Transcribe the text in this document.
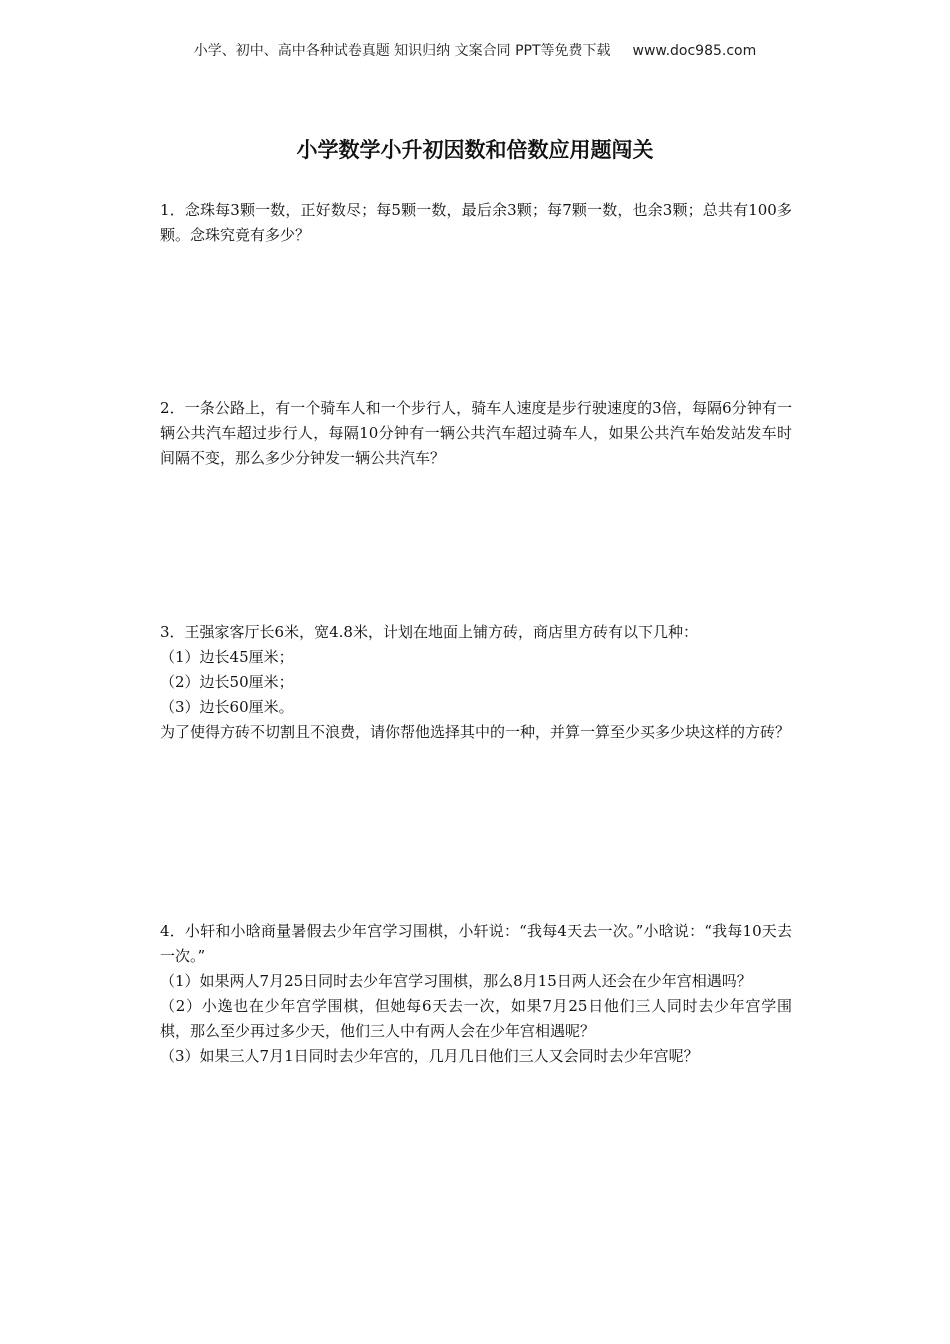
小学、初中、高中各种试卷真题 知识归纳 文案合同 PPT等免费下载 www.doc985.com
小学数学小升初因数和倍数应用题闯关

1．念珠每3颗一数，正好数尽；每5颗一数，最后余3颗；每7颗一数，也余3颗；总共有100多颗。念珠究竟有多少？

2．一条公路上，有一个骑车人和一个步行人，骑车人速度是步行驶速度的3倍，每隔6分钟有一辆公共汽车超过步行人，每隔10分钟有一辆公共汽车超过骑车人，如果公共汽车始发站发车时间隔不变，那么多少分钟发一辆公共汽车？

3．王强家客厅长6米，宽4.8米，计划在地面上铺方砖，商店里方砖有以下几种：

（1）边长45厘米；

（2）边长50厘米；

（3）边长60厘米。

为了使得方砖不切割且不浪费，请你帮他选择其中的一种，并算一算至少买多少块这样的方砖？

4．小轩和小晗商量暑假去少年宫学习围棋，小轩说：“我每4天去一次。”小晗说：“我每10天去一次。”

（1）如果两人7月25日同时去少年宫学习围棋，那么8月15日两人还会在少年宫相遇吗？

（2）小逸也在少年宫学围棋，但她每6天去一次，如果7月25日他们三人同时去少年宫学围棋，那么至少再过多少天，他们三人中有两人会在少年宫相遇呢？

（3）如果三人7月1日同时去少年宫的，几月几日他们三人又会同时去少年宫呢？
